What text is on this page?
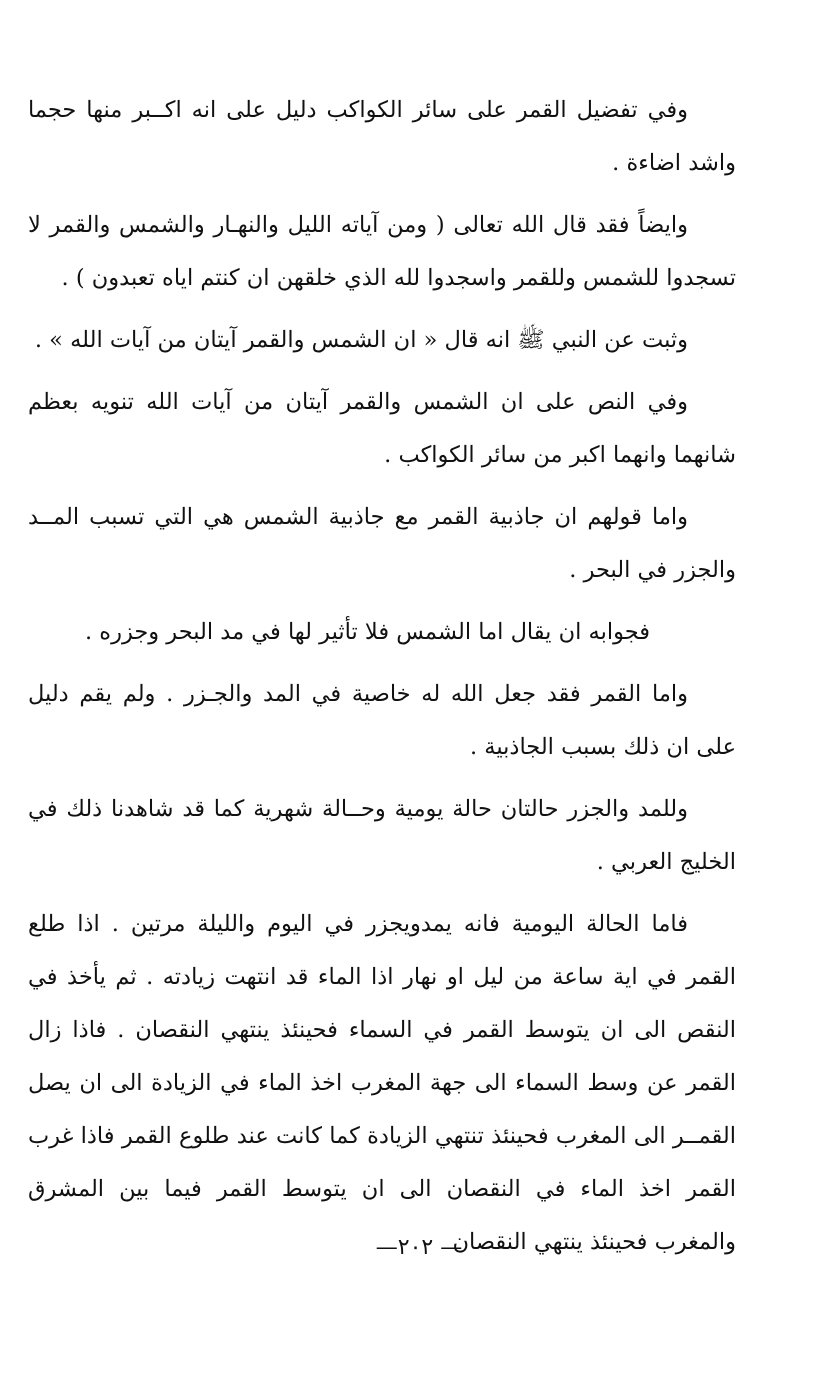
وفي تفضيل القمر على سائر الكواكب دليل على انه اكــبر منها حجما واشد اضاءة .

وايضاً فقد قال الله تعالى ( ومن آياته الليل والنهـار والشمس والقمر لا تسجدوا للشمس وللقمر واسجدوا لله الذي خلقهن ان كنتم اياه تعبدون ) .

وثبت عن النبي ﷺ انه قال « ان الشمس والقمر آيتان من آيات الله » .

وفي النص على ان الشمس والقمر آيتان من آيات الله تنويه بعظم شانهما وانهما اكبر من سائر الكواكب .

واما قولهم ان جاذبية القمر مع جاذبية الشمس هي التي تسبب المــد والجزر في البحر .

فجوابه ان يقال اما الشمس فلا تأثير لها في مد البحر وجزره .

واما القمر فقد جعل الله له خاصية في المد والجـزر . ولم يقم دليل على ان ذلك بسبب الجاذبية .

وللمد والجزر حالتان حالة يومية وحــالة شهرية كما قد شاهدنا ذلك في الخليج العربي .

فاما الحالة اليومية فانه يمدويجزر في اليوم والليلة مرتين . اذا طلع القمر في اية ساعة من ليل او نهار اذا الماء قد انتهت زيادته . ثم يأخذ في النقص الى ان يتوسط القمر في السماء فحينئذ ينتهي النقصان . فاذا زال القمر عن وسط السماء الى جهة المغرب اخذ الماء في الزيادة الى ان يصل القمــر الى المغرب فحينئذ تنتهي الزيادة كما كانت عند طلوع القمر فاذا غرب القمر اخذ الماء في النقصان الى ان يتوسط القمر فيما بين المشرق والمغرب فحينئذ ينتهي النقصان

— ٢٠٢—
